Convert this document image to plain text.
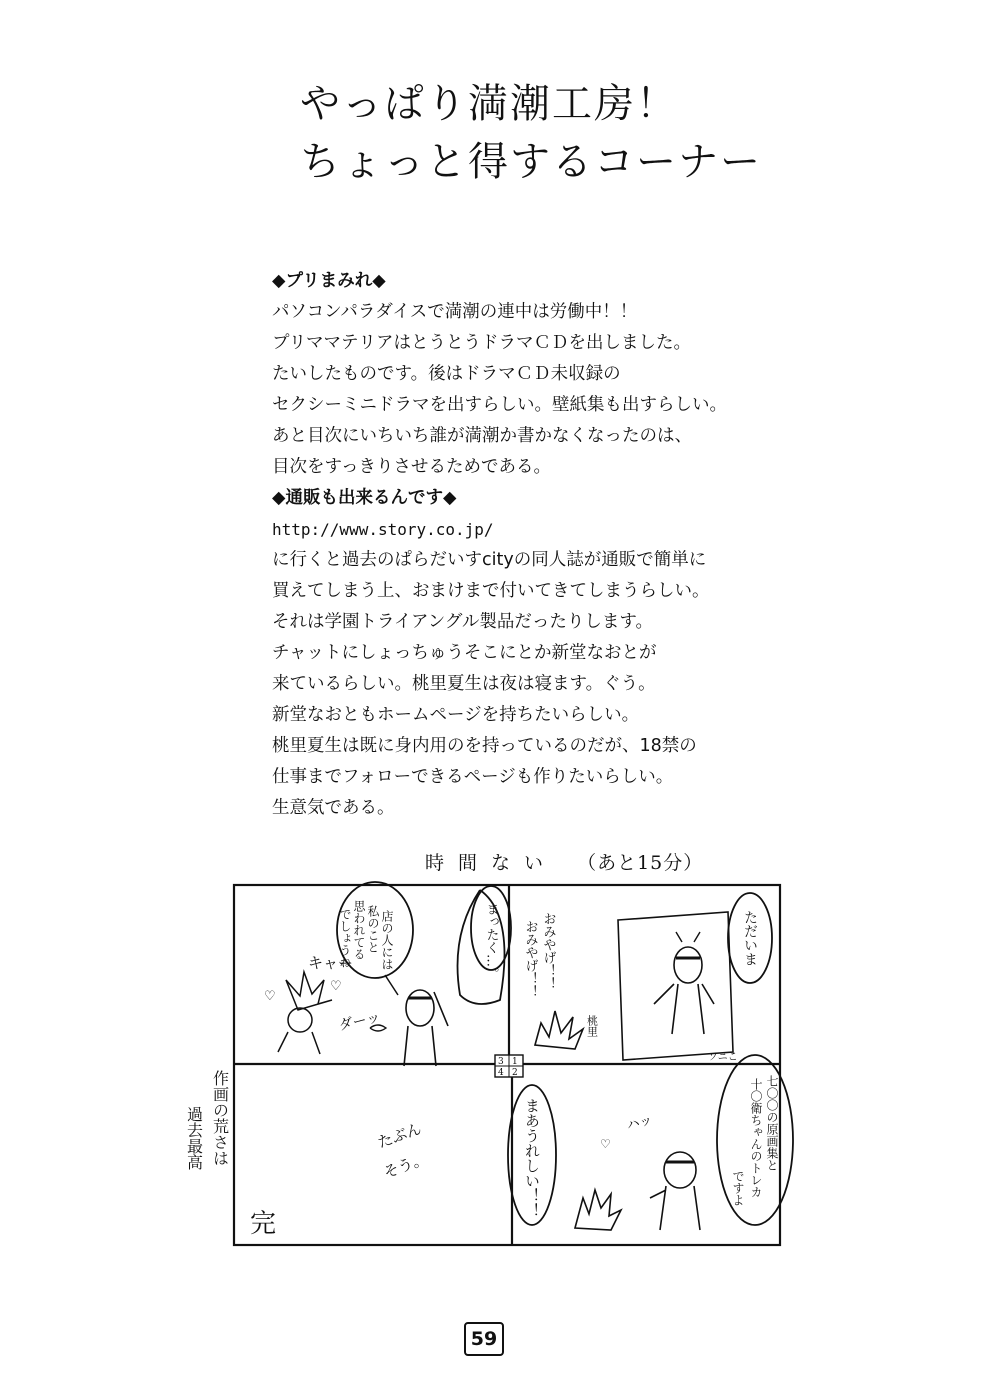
やっぱり満潮工房！
ちょっと得するコーナー
◆プリまみれ◆
パソコンパラダイスで満潮の連中は労働中！！
プリママテリアはとうとうドラマＣＤを出しました。
たいしたものです。後はドラマＣＤ未収録の
セクシーミニドラマを出すらしい。壁紙集も出すらしい。
あと目次にいちいち誰が満潮か書かなくなったのは、
目次をすっきりさせるためである。
◆通販も出来るんです◆
http://www.story.co.jp/
に行くと過去のぱらだいすcityの同人誌が通販で簡単に
買えてしまう上、おまけまで付いてきてしまうらしい。
それは学園トライアングル製品だったりします。
チャットにしょっちゅうそこにとか新堂なおとが
来ているらしい。桃里夏生は夜は寝ます。ぐう。
新堂なおともホームページを持ちたいらしい。
桃里夏生は既に身内用のを持っているのだが、18禁の
仕事までフォローできるページも作りたいらしい。
生意気である。
時間ない （あと15分）
店の人には
私のこと
思われてる
でしょうね
キャー
ダーッ
♡
♡
まったく…。	おみやげ！！
おみやげ！！
桃里
ただいま
ソニこ
3 1
4 2
たぶん
そう。
完
まあうれしい！！	♡	七〇〇の原画集と
十〇衛ちゃんのトレカ
ですよ
ハッ
作画の荒さは
過去最高
59
